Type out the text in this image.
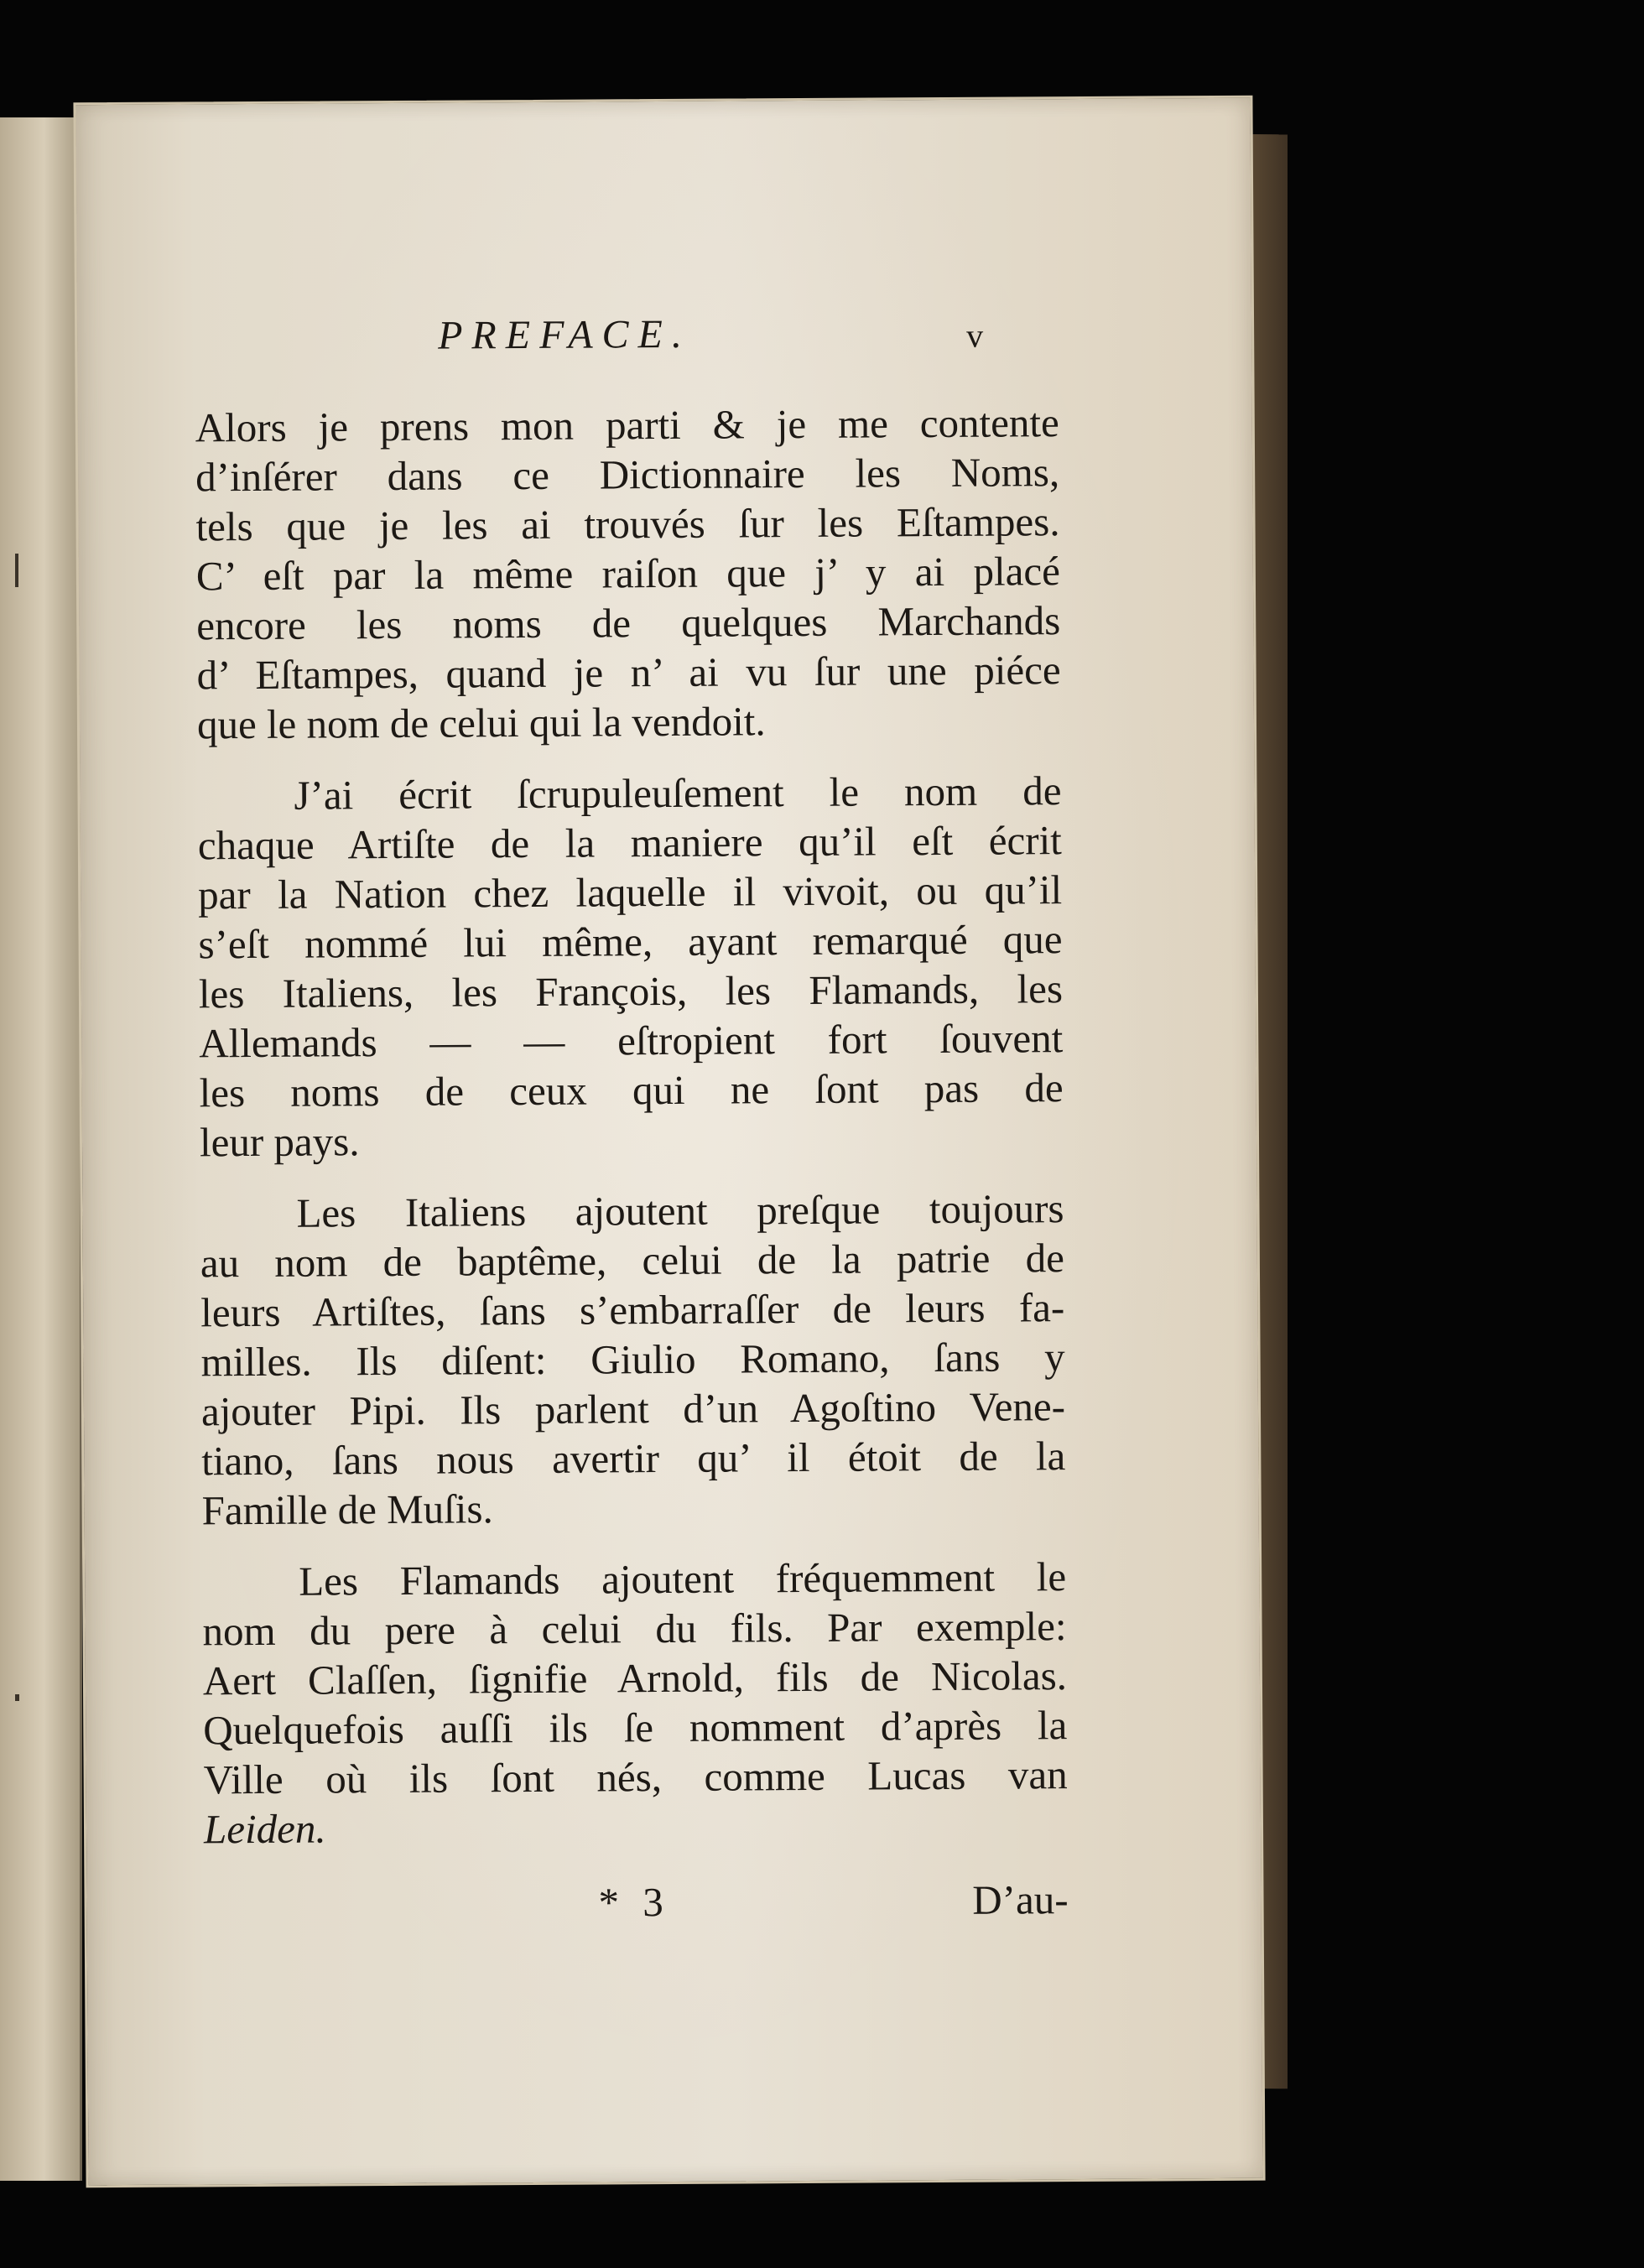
PREFACE.	v
Alors je prens mon parti & je me contente
d’inſérer dans ce Dictionnaire les Noms,
tels que je les ai trouvés ſur les Eſtampes.
C’ eſt par la même raiſon que j’ y ai placé
encore les noms de quelques Marchands
d’ Eſtampes, quand je n’ ai vu ſur une piéce
que le nom de celui qui la vendoit.
J’ai écrit ſcrupuleuſement le nom de
chaque Artiſte de la maniere qu’il eſt écrit
par la Nation chez laquelle il vivoit, ou qu’il
s’eſt nommé lui même, ayant remarqué que
les Italiens, les François, les Flamands, les
Allemands — — eſtropient fort ſouvent
les noms de ceux qui ne ſont pas de
leur pays.
Les Italiens ajoutent preſque toujours
au nom de baptême, celui de la patrie de
leurs Artiſtes, ſans s’embarraſſer de leurs fa-
milles. Ils diſent: Giulio Romano, ſans y
ajouter Pipi. Ils parlent d’un Agoſtino Vene-
tiano, ſans nous avertir qu’ il étoit de la
Famille de Muſis.
Les Flamands ajoutent fréquemment le
nom du pere à celui du fils. Par exemple:
Aert Claſſen, ſignifie Arnold, fils de Nicolas.
Quelquefois auſſi ils ſe nomment d’après la
Ville où ils ſont nés, comme Lucas van
Leiden.
* 3	D’au-
